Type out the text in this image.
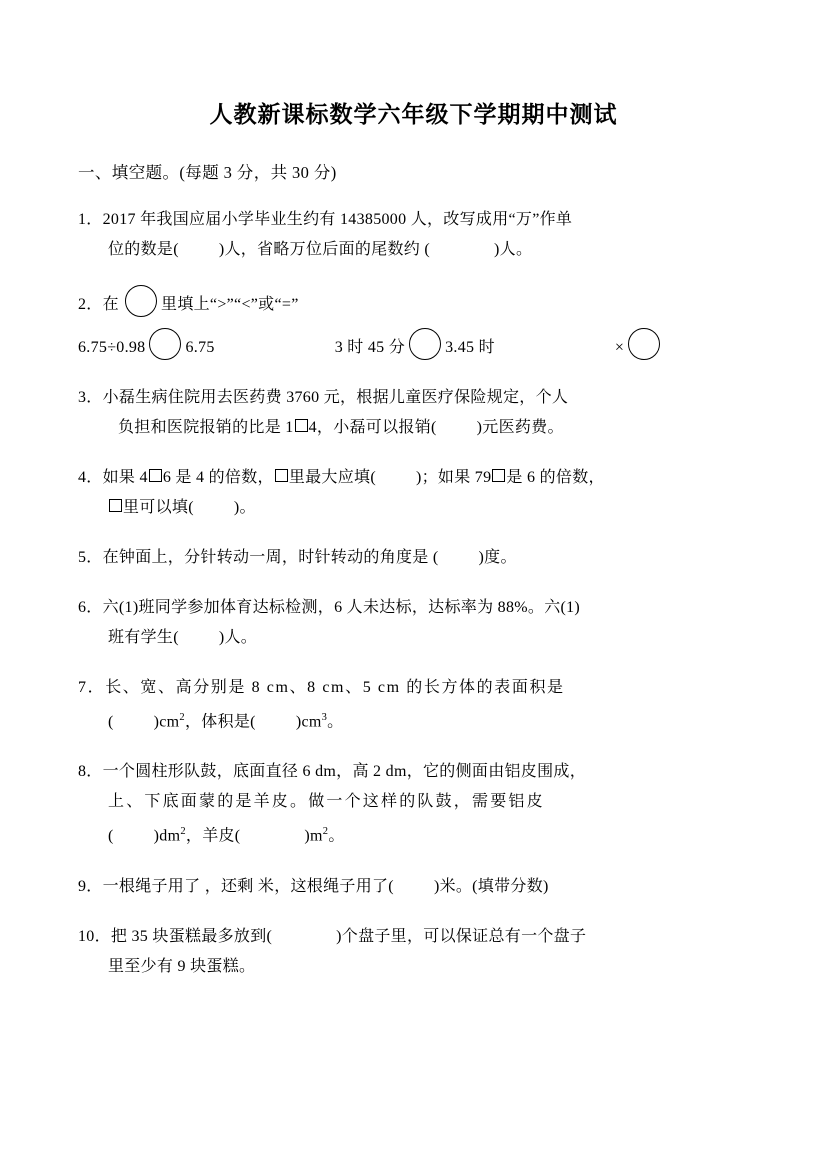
人教新课标数学六年级下学期期中测试
一、填空题。(每题 3 分，共 30 分)
1．2017 年我国应届小学毕业生约有 14385000 人，改写成用“万”作单
位的数是(	)人，省略万位后面的尾数约 (	)人。
2．在	里填上“>”“<”或“=”
6.75÷0.98	6.75	3 时 45 分	3.45 时	×
3．小磊生病住院用去医药费 3760 元，根据儿童医疗保险规定，个人
负担和医院报销的比是 1 4，小磊可以报销(	)元医药费。
4．如果 4 6 是 4 的倍数， 里最大应填(	)；如果 79 是 6 的倍数，
里可以填(	)。
5．在钟面上，分针转动一周，时针转动的角度是 (	)度。
6．六(1)班同学参加体育达标检测，6 人未达标，达标率为 88%。六(1)
班有学生(	)人。
7．长、宽、高分别是 8 cm、8 cm、5 cm 的长方体的表面积是
(	)$cm^2$，体积是(	)$cm^3$。
8．一个圆柱形队鼓，底面直径 6 dm，高 2 dm，它的侧面由铝皮围成，
上、下底面蒙的是羊皮。做一个这样的队鼓，需要铝皮
(	)$dm^2$，羊皮(	)$m^2$。
9．一根绳子用了 ，还剩 米，这根绳子用了(	)米。(填带分数)
10．把 35 块蛋糕最多放到(	)个盘子里，可以保证总有一个盘子
里至少有 9 块蛋糕。
